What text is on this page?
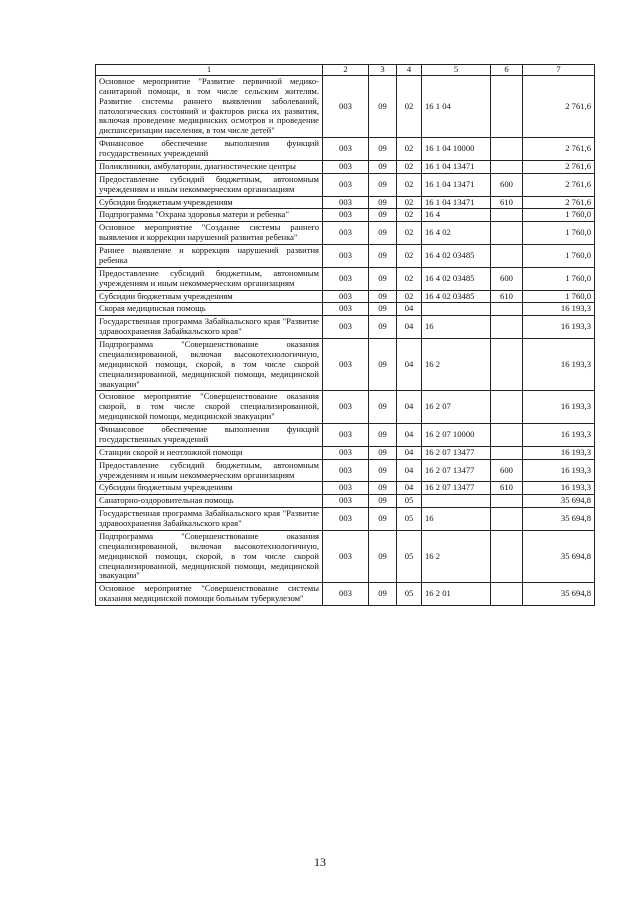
1	2	3	4	5	6	7
Основное мероприятие "Развитие первичной медико-санитарной помощи, в том числе сельским жителям. Развитие системы раннего выявления заболеваний, патологических состояний и факторов риска их развития, включая проведение медицинских осмотров и проведение диспансеризации населения, в том числе детей"	003	09	02	16 1 04		2 761,6
Финансовое обеспечение выполнения функций государственных учреждений	003	09	02	16 1 04 10000		2 761,6
Поликлиники, амбулатории, диагностические центры	003	09	02	16 1 04 13471		2 761,6
Предоставление субсидий бюджетным, автономным учреждениям и иным некоммерческим организациям	003	09	02	16 1 04 13471	600	2 761,6
Субсидии бюджетным учреждениям	003	09	02	16 1 04 13471	610	2 761,6
Подпрограмма "Охрана здоровья матери и ребенка"	003	09	02	16 4		1 760,0
Основное мероприятие "Создание системы раннего выявления и коррекции нарушений развития ребенка"	003	09	02	16 4 02		1 760,0
Раннее выявление и коррекция нарушений развития ребенка	003	09	02	16 4 02 03485		1 760,0
Предоставление субсидий бюджетным, автономным учреждениям и иным некоммерческим организациям	003	09	02	16 4 02 03485	600	1 760,0
Субсидии бюджетным учреждениям	003	09	02	16 4 02 03485	610	1 760,0
Скорая медицинская помощь	003	09	04			16 193,3
Государственная программа Забайкальского края "Развитие здравоохранения Забайкальского края"	003	09	04	16		16 193,3
Подпрограмма "Совершенствование оказания специализированной, включая высокотехнологичную, медицинской помощи, скорой, в том числе скорой специализированной, медицинской помощи, медицинской эвакуации"	003	09	04	16 2		16 193,3
Основное мероприятие "Совершенствование оказания скорой, в том числе скорой специализированной, медицинской помощи, медицинской эвакуации"	003	09	04	16 2 07		16 193,3
Финансовое обеспечение выполнения функций государственных учреждений	003	09	04	16 2 07 10000		16 193,3
Станции скорой и неотложной помощи	003	09	04	16 2 07 13477		16 193,3
Предоставление субсидий бюджетным, автономным учреждениям и иным некоммерческим организациям	003	09	04	16 2 07 13477	600	16 193,3
Субсидии бюджетным учреждениям	003	09	04	16 2 07 13477	610	16 193,3
Санаторно-оздоровительная помощь	003	09	05			35 694,8
Государственная программа Забайкальского края "Развитие здравоохранения Забайкальского края"	003	09	05	16		35 694,8
Подпрограмма "Совершенствование оказания специализированной, включая высокотехнологичную, медицинской помощи, скорой, в том числе скорой специализированной, медицинской помощи, медицинской эвакуации"	003	09	05	16 2		35 694,8
Основное мероприятие "Совершенствование системы оказания медицинской помощи больным туберкулезом"	003	09	05	16 2 01		35 694,8
13
